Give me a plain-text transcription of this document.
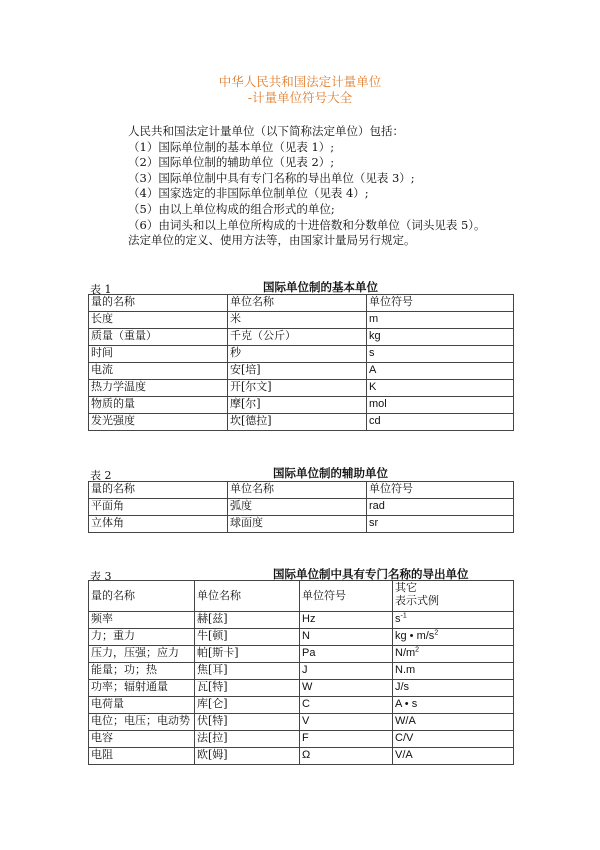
中华人民共和国法定计量单位
-计量单位符号大全
人民共和国法定计量单位（以下简称法定单位）包括：
（1）国际单位制的基本单位（见表 1）;
（2）国际单位制的辅助单位（见表 2）;
（3）国际单位制中具有专门名称的导出单位（见表 3）;
（4）国家选定的非国际单位制单位（见表 4）;
（5）由以上单位构成的组合形式的单位;
（6）由词头和以上单位所构成的十进倍数和分数单位（词头见表 5）。
法定单位的定义、使用方法等，由国家计量局另行规定。
表 1	国际单位制的基本单位
量的名称	单位名称	单位符号
长度	米	m
质量（重量）	千克（公斤）	kg
时间	秒	s
电流	安[培]	A
热力学温度	开[尔文]	K
物质的量	摩[尔]	mol
发光强度	坎[德拉]	cd
表 2	国际单位制的辅助单位
量的名称	单位名称	单位符号
平面角	弧度	rad
立体角	球面度	sr
表 3	国际单位制中具有专门名称的导出单位
量的名称	单位名称	单位符号	其它
表示式例

频率	赫[兹]	Hz	$s^{-1}$
力；重力	牛[顿]	N	kg • $m/s^2$
压力，压强；应力	帕[斯卡]	Pa	$N/m^2$
能量；功；热	焦[耳]	J	N.m
功率；辐射通量	瓦[特]	W	J/s
电荷量	库[仑]	C	A • s
电位；电压；电动势	伏[特]	V	W/A
电容	法[拉]	F	C/V
电阻	欧[姆]	Ω	V/A
